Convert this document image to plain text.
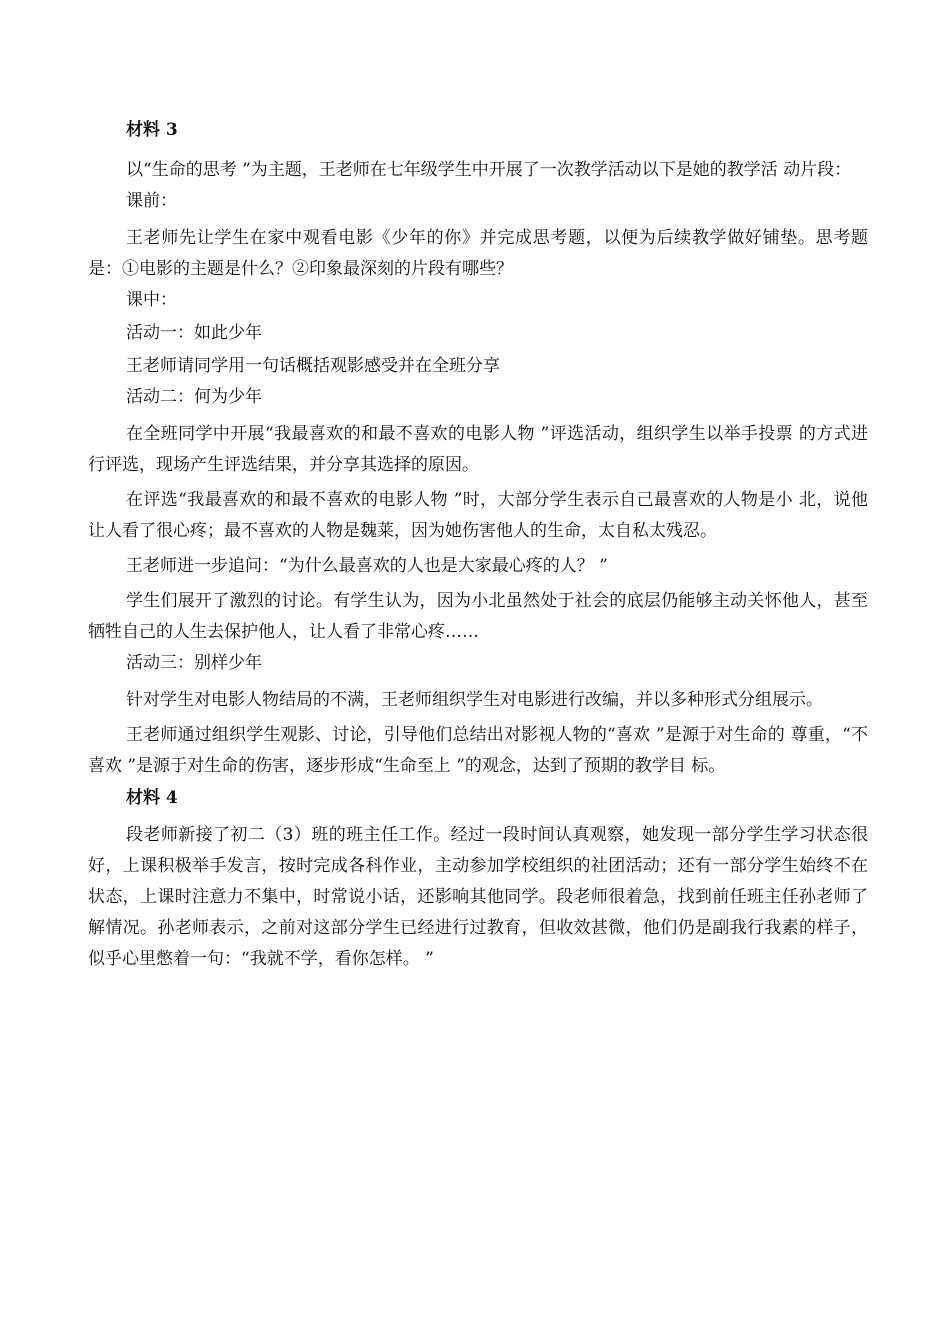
材料 3

以“生命的思考 ”为主题，王老师在七年级学生中开展了一次教学活动以下是她的教学活 动片段：

课前：

王老师先让学生在家中观看电影《少年的你》并完成思考题，以便为后续教学做好铺垫。思考题是：①电影的主题是什么？②印象最深刻的片段有哪些？

课中：
活动一：如此少年

王老师请同学用一句话概括观影感受并在全班分享

活动二：何为少年

在全班同学中开展“我最喜欢的和最不喜欢的电影人物 ”评选活动，组织学生以举手投票 的方式进行评选，现场产生评选结果，并分享其选择的原因。

在评选“我最喜欢的和最不喜欢的电影人物 ”时，大部分学生表示自己最喜欢的人物是小 北，说他让人看了很心疼；最不喜欢的人物是魏莱，因为她伤害他人的生命，太自私太残忍。

王老师进一步追问：“为什么最喜欢的人也是大家最心疼的人？ ”

学生们展开了激烈的讨论。有学生认为，因为小北虽然处于社会的底层仍能够主动关怀他人，甚至牺牲自己的人生去保护他人，让人看了非常心疼……

活动三：别样少年

针对学生对电影人物结局的不满，王老师组织学生对电影进行改编，并以多种形式分组展示。

王老师通过组织学生观影、讨论，引导他们总结出对影视人物的“喜欢 ”是源于对生命的 尊重，“不喜欢 ”是源于对生命的伤害，逐步形成“生命至上 ”的观念，达到了预期的教学目 标。

材料 4

段老师新接了初二（3）班的班主任工作。经过一段时间认真观察，她发现一部分学生学习状态很好，上课积极举手发言，按时完成各科作业，主动参加学校组织的社团活动；还有一部分学生始终不在状态，上课时注意力不集中，时常说小话，还影响其他同学。段老师很着急，找到前任班主任孙老师了解情况。孙老师表示，之前对这部分学生已经进行过教育，但收效甚微，他们仍是副我行我素的样子，似乎心里憋着一句：“我就不学，看你怎样。 ”
